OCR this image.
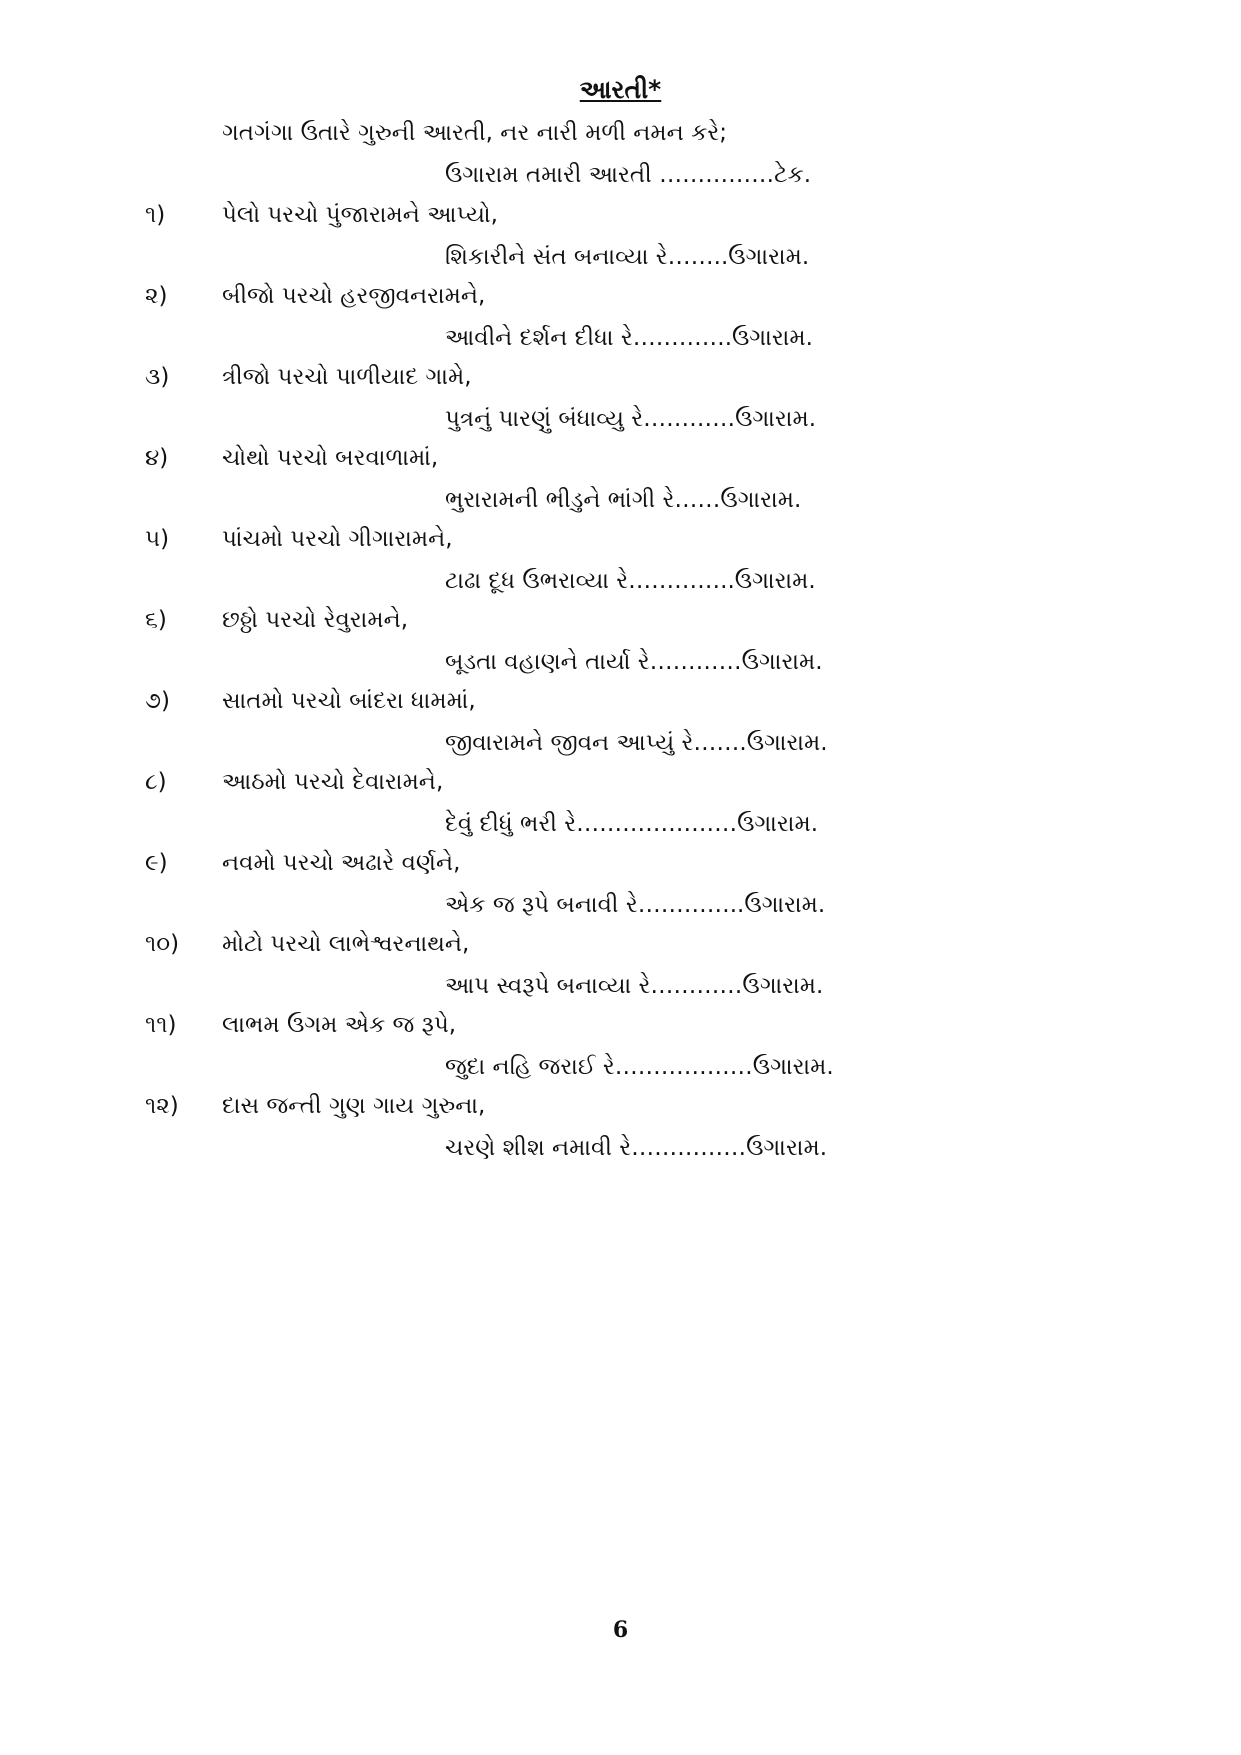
આરતી*
ગતગંગા ઉતારે ગુરુની આરતી, નર નારી મળી નમન કરે;
ઉગારામ તમારી આરતી ……………ટેક.
૧) પેલો પરચો પુંજારામને આપ્યો,
શિકારીને સંત બનાવ્યા રે……..ઉગારામ.
૨) બીજો પરચો હરજીવનરામને,
આવીને દર્શન દીધા રે………….ઉગારામ.
૩) ત્રીજો પરચો પાળીયાદ ગામે,
પુત્રનું પારણું બંધાવ્યુ રે…………ઉગારામ.
૪) ચોથો પરચો બરવાળામાં,
ભુરારામની ભીડુને ભાંગી રે……ઉગારામ.
૫) પાંચમો પરચો ગીગારામને,
ટાઢા દૂધ ઉભરાવ્યા રે…………..ઉગારામ.
૬) છઠ્ઠો પરચો રેવુરામને,
બૂડતા વહાણને તાર્યા રે…………ઉગારામ.
૭) સાતમો પરચો બાંદરા ધામમાં,
જીવારામને જીવન આપ્યું રે…….ઉગારામ.
૮) આઠમો પરચો દેવારામને,
દેવું દીધું ભરી રે…………………ઉગારામ.
૯) નવમો પરચો અઢારે વર્ણને,
એક જ રૂપે બનાવી રે…………..ઉગારામ.
૧૦) મોટો પરચો લાભેશ્વરનાથને,
આપ સ્વરૂપે બનાવ્યા રે…………ઉગારામ.
૧૧) લાભમ ઉગમ એક જ રૂપે,
જુદા નહિ જરાઈ રે………………ઉગારામ.
૧૨) દાસ જન્તી ગુણ ગાય ગુરુના,
ચરણે શીશ નમાવી રે……………ઉગારામ.
6
